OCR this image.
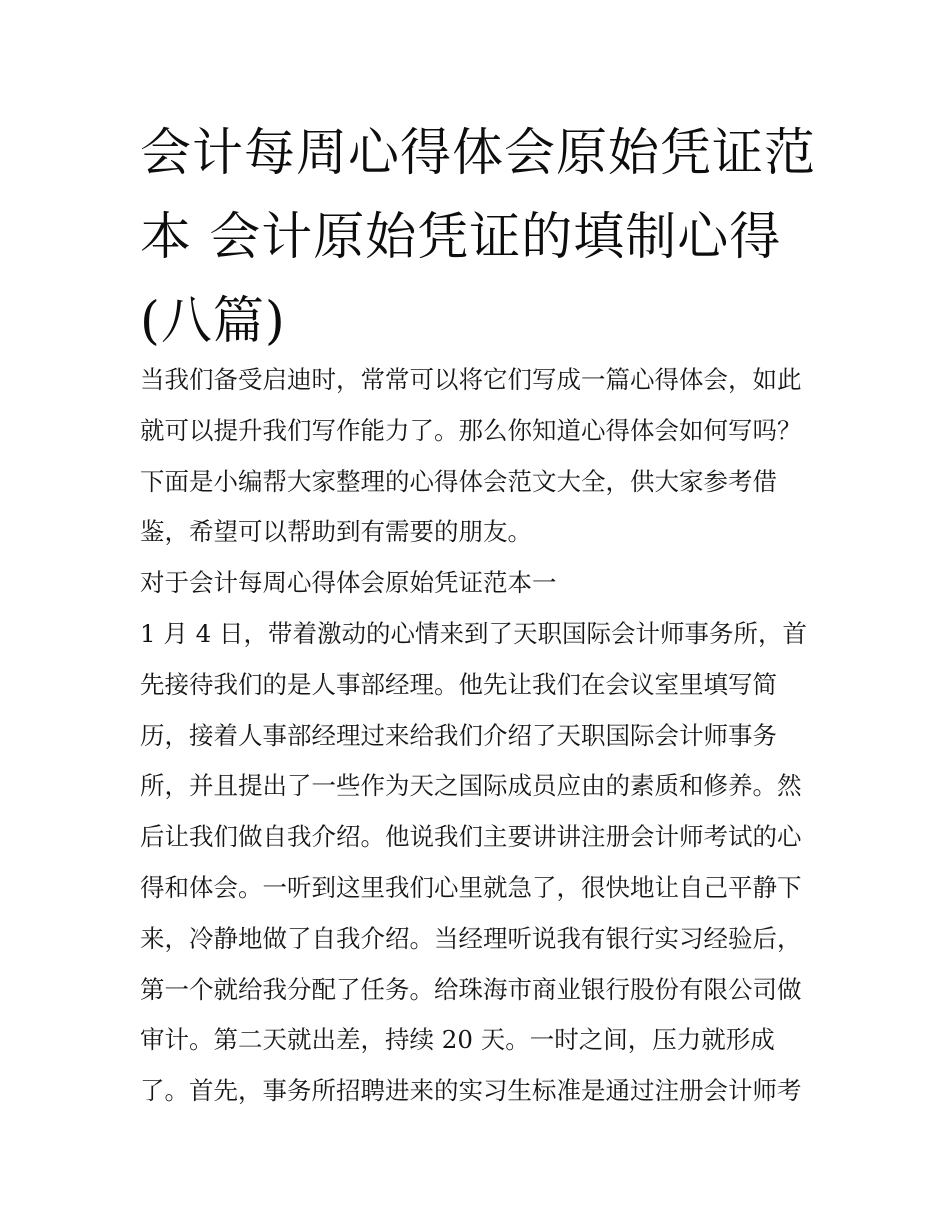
会计每周心得体会原始凭证范
本 会计原始凭证的填制心得
(八篇)
当我们备受启迪时，常常可以将它们写成一篇心得体会，如此
就可以提升我们写作能力了。那么你知道心得体会如何写吗？
下面是小编帮大家整理的心得体会范文大全，供大家参考借
鉴，希望可以帮助到有需要的朋友。
对于会计每周心得体会原始凭证范本一
1 月 4 日，带着激动的心情来到了天职国际会计师事务所，首
先接待我们的是人事部经理。他先让我们在会议室里填写简
历，接着人事部经理过来给我们介绍了天职国际会计师事务
所，并且提出了一些作为天之国际成员应由的素质和修养。然
后让我们做自我介绍。他说我们主要讲讲注册会计师考试的心
得和体会。一听到这里我们心里就急了，很快地让自己平静下
来，冷静地做了自我介绍。当经理听说我有银行实习经验后，
第一个就给我分配了任务。给珠海市商业银行股份有限公司做
审计。第二天就出差，持续 20 天。一时之间，压力就形成
了。首先，事务所招聘进来的实习生标准是通过注册会计师考
